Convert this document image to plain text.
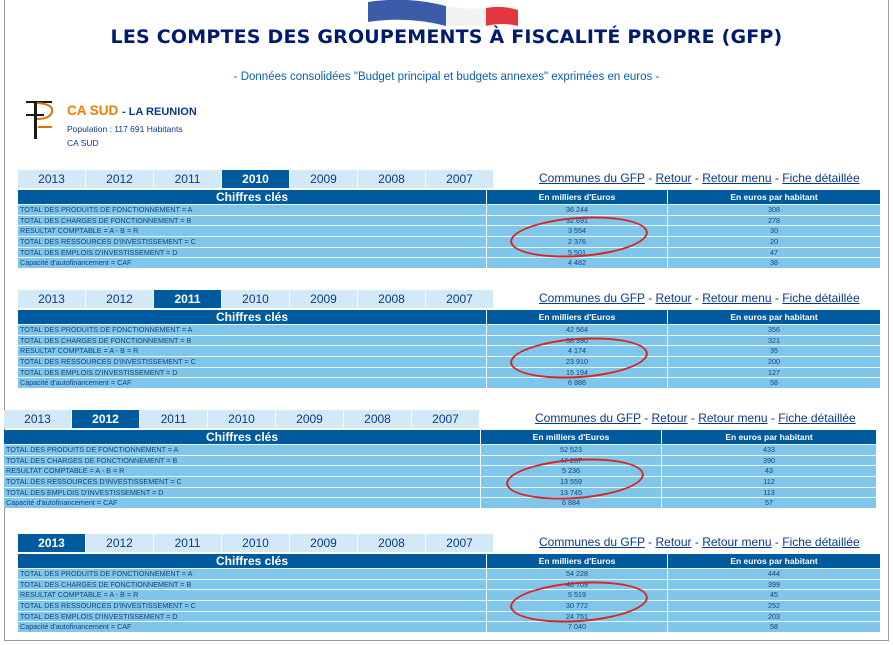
LES COMPTES DES GROUPEMENTS À FISCALITÉ PROPRE (GFP)
- Données consolidées "Budget principal et budgets annexes" exprimées en euros -
CA SUD - LA REUNION
Population : 117 691 Habitants
CA SUD
2013	2012	2011	2010	2009	2008	2007	Communes du GFP - Retour - Retour menu - Fiche détaillée
Chiffres clés	En milliers d'Euros	En euros par habitant
TOTAL DES PRODUITS DE FONCTIONNEMENT = A	36 244	308
TOTAL DES CHARGES DE FONCTIONNEMENT = B	32 691	278
RESULTAT COMPTABLE = A - B = R	3 554	30
TOTAL DES RESSOURCES D'INVESTISSEMENT = C	2 376	20
TOTAL DES EMPLOIS D'INVESTISSEMENT = D	5 501	47
Capacité d'autofinancement = CAF	4 482	38
2013	2012	2011	2010	2009	2008	2007	Communes du GFP - Retour - Retour menu - Fiche détaillée
Chiffres clés	En milliers d'Euros	En euros par habitant
TOTAL DES PRODUITS DE FONCTIONNEMENT = A	42 564	356
TOTAL DES CHARGES DE FONCTIONNEMENT = B	38 390	321
RESULTAT COMPTABLE = A - B = R	4 174	35
TOTAL DES RESSOURCES D'INVESTISSEMENT = C	23 910	200
TOTAL DES EMPLOIS D'INVESTISSEMENT = D	15 194	127
Capacité d'autofinancement = CAF	6 886	58
2013	2012	2011	2010	2009	2008	2007	Communes du GFP - Retour - Retour menu - Fiche détaillée
Chiffres clés	En milliers d'Euros	En euros par habitant
TOTAL DES PRODUITS DE FONCTIONNEMENT = A	52 523	433
TOTAL DES CHARGES DE FONCTIONNEMENT = B	47 287	390
RESULTAT COMPTABLE = A - B = R	5 236	43
TOTAL DES RESSOURCES D'INVESTISSEMENT = C	13 559	112
TOTAL DES EMPLOIS D'INVESTISSEMENT = D	13 745	113
Capacité d'autofinancement = CAF	6 884	57
2013	2012	2011	2010	2009	2008	2007	Communes du GFP - Retour - Retour menu - Fiche détaillée
Chiffres clés	En milliers d'Euros	En euros par habitant
TOTAL DES PRODUITS DE FONCTIONNEMENT = A	54 228	444
TOTAL DES CHARGES DE FONCTIONNEMENT = B	48 709	399
RESULTAT COMPTABLE = A - B = R	5 519	45
TOTAL DES RESSOURCES D'INVESTISSEMENT = C	30 772	252
TOTAL DES EMPLOIS D'INVESTISSEMENT = D	24 751	203
Capacité d'autofinancement = CAF	7 040	58
